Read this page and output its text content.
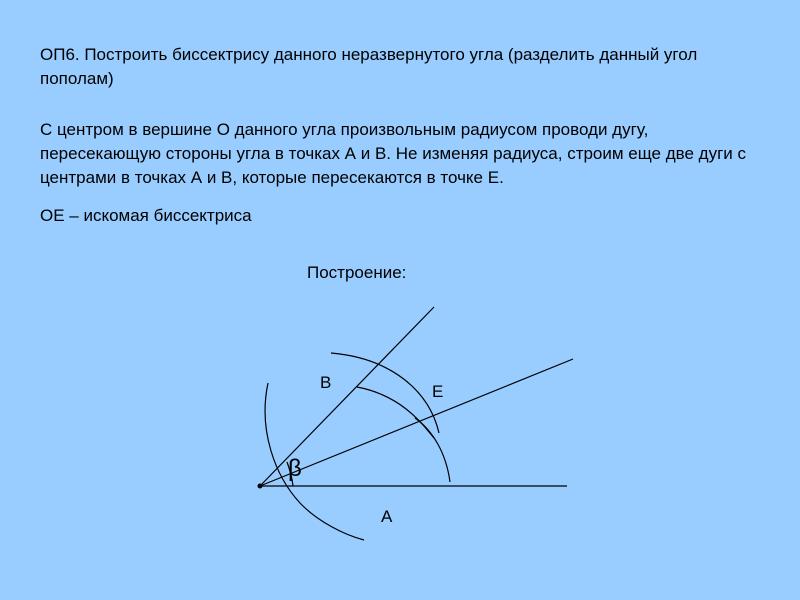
ОП6. Построить биссектрису данного неразвернутого угла (разделить данный угол пополам)
С центром в вершине О данного угла произвольным радиусом проводи дугу, пересекающую стороны угла в точках А и В. Не изменяя радиуса, строим еще две дуги с центрами в точках А и В, которые пересекаются в точке Е.
ОЕ – искомая биссектриса
Построение:
В	Е
А
β
